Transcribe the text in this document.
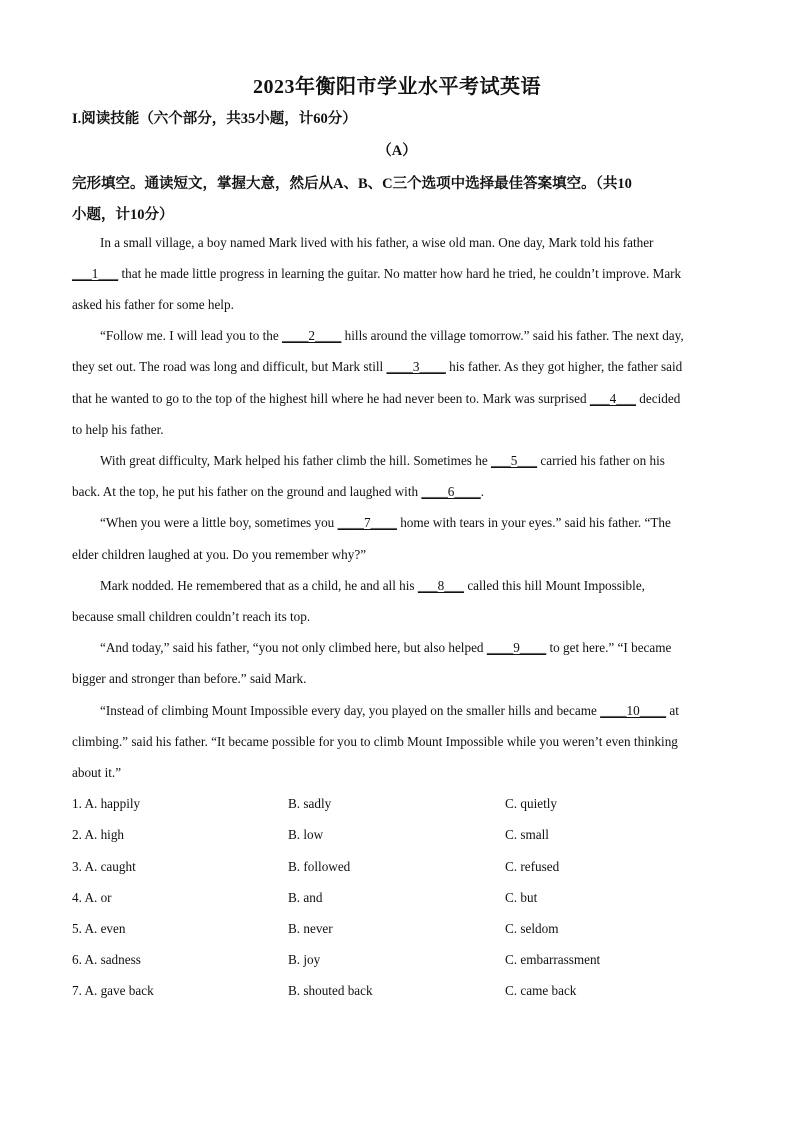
2023年衡阳市学业水平考试英语
I.阅读技能（六个部分，共35小题，计60分）
（A）
完形填空。通读短文，掌握大意，然后从A、B、C三个选项中选择最佳答案填空。（共10
小题，计10分）
In a small village, a boy named Mark lived with his father, a wise old man. One day, Mark told his father
___1___ that he made little progress in learning the guitar. No matter how hard he tried, he couldn’t improve. Mark
asked his father for some help.
“Follow me. I will lead you to the ____2____ hills around the village tomorrow.” said his father. The next day,
they set out. The road was long and difficult, but Mark still ____3____ his father. As they got higher, the father said
that he wanted to go to the top of the highest hill where he had never been to. Mark was surprised ___4___ decided
to help his father.
With great difficulty, Mark helped his father climb the hill. Sometimes he ___5___ carried his father on his
back. At the top, he put his father on the ground and laughed with ____6____.
“When you were a little boy, sometimes you ____7____ home with tears in your eyes.” said his father. “The
elder children laughed at you. Do you remember why?”
Mark nodded. He remembered that as a child, he and all his ___8___ called this hill Mount Impossible,
because small children couldn’t reach its top.
“And today,” said his father, “you not only climbed here, but also helped ____9____ to get here.” “I became
bigger and stronger than before.” said Mark.
“Instead of climbing Mount Impossible every day, you played on the smaller hills and became ____10____ at
climbing.” said his father. “It became possible for you to climb Mount Impossible while you weren’t even thinking
about it.”
1. A. happily	B. sadly	C. quietly
2. A. high	B. low	C. small
3. A. caught	B. followed	C. refused
4. A. or	B. and	C. but
5. A. even	B. never	C. seldom
6. A. sadness	B. joy	C. embarrassment
7. A. gave back	B. shouted back	C. came back
